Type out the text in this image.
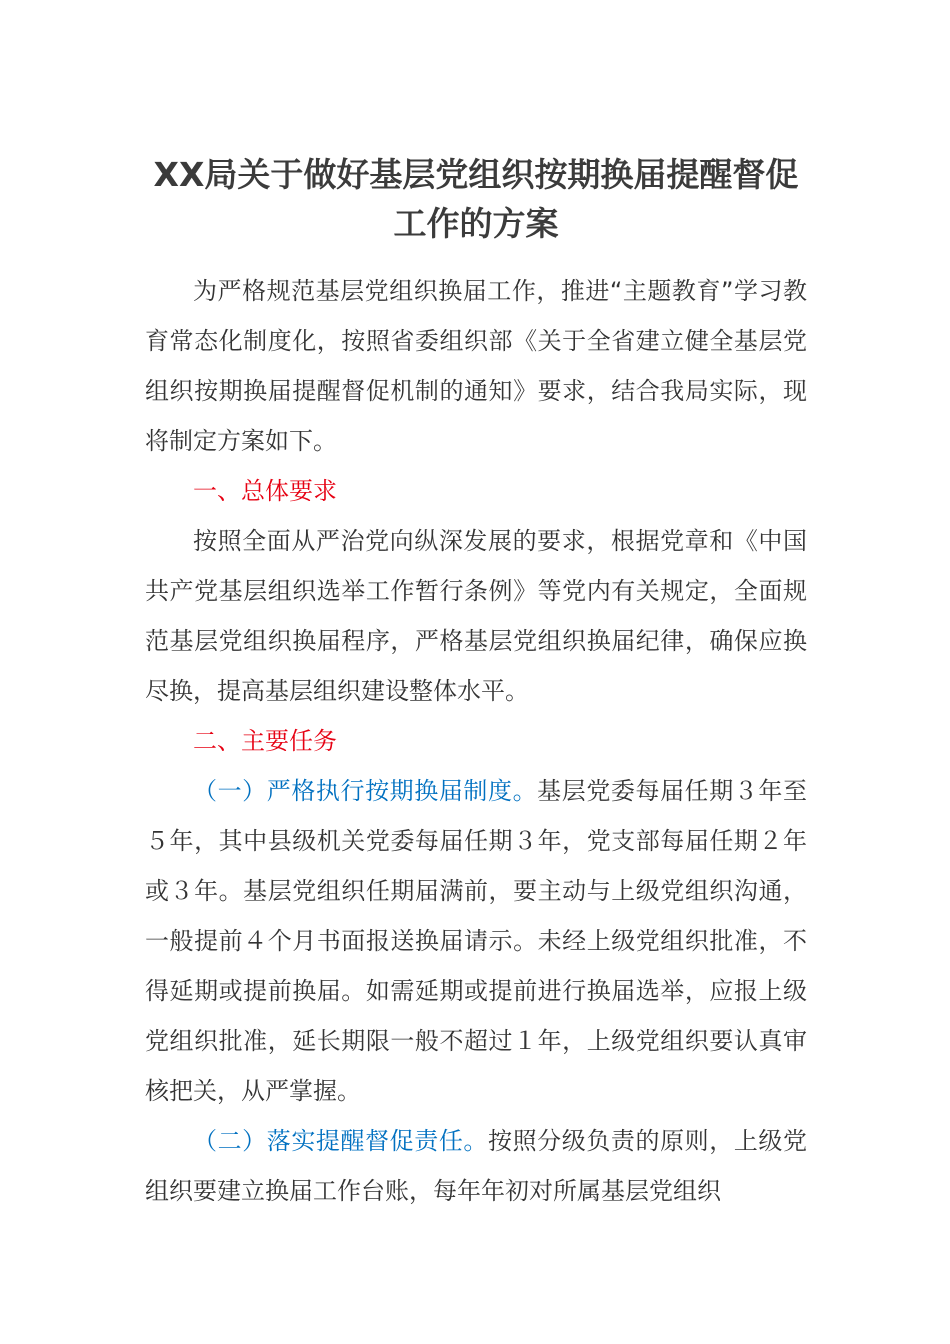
XX局关于做好基层党组织按期换届提醒督促工作的方案

为严格规范基层党组织换届工作，推进“主题教育”学习教育常态化制度化，按照省委组织部《关于全省建立健全基层党组织按期换届提醒督促机制的通知》要求，结合我局实际，现将制定方案如下。

一、总体要求

按照全面从严治党向纵深发展的要求，根据党章和《中国共产党基层组织选举工作暂行条例》等党内有关规定，全面规范基层党组织换届程序，严格基层党组织换届纪律，确保应换尽换，提高基层组织建设整体水平。

二、主要任务

（一）严格执行按期换届制度。基层党委每届任期３年至５年，其中县级机关党委每届任期３年，党支部每届任期２年或３年。基层党组织任期届满前，要主动与上级党组织沟通，一般提前４个月书面报送换届请示。未经上级党组织批准，不得延期或提前换届。如需延期或提前进行换届选举，应报上级党组织批准，延长期限一般不超过１年，上级党组织要认真审核把关，从严掌握。

（二）落实提醒督促责任。按照分级负责的原则，上级党组织要建立换届工作台账，每年年初对所属基层党组织
